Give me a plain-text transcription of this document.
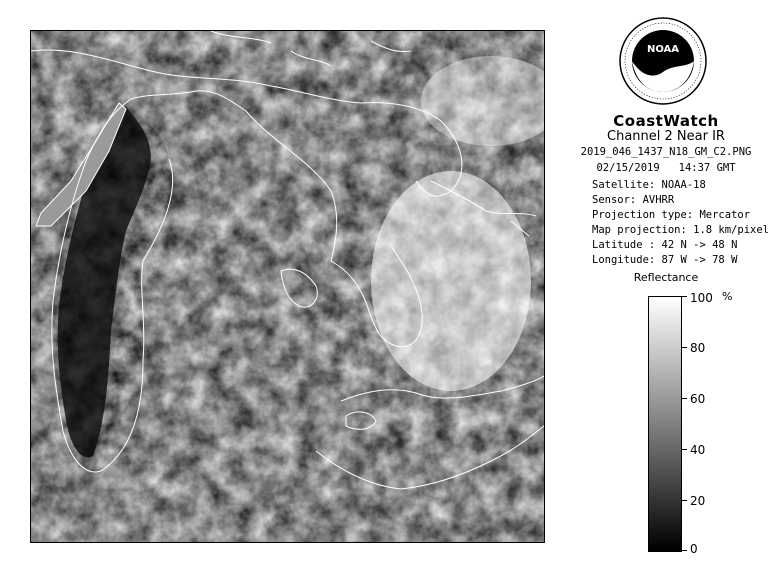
NOAA
CoastWatch
Channel 2 Near IR
2019_046_1437_N18_GM_C2.PNG
02/15/2019 14:37 GMT
Satellite: NOAA-18
Sensor: AVHRR
Projection type: Mercator
Map projection: 1.8 km/pixel
Latitude : 42 N -> 48 N
Longitude: 87 W -> 78 W
Reflectance
%
100
80
60
40
20
0
